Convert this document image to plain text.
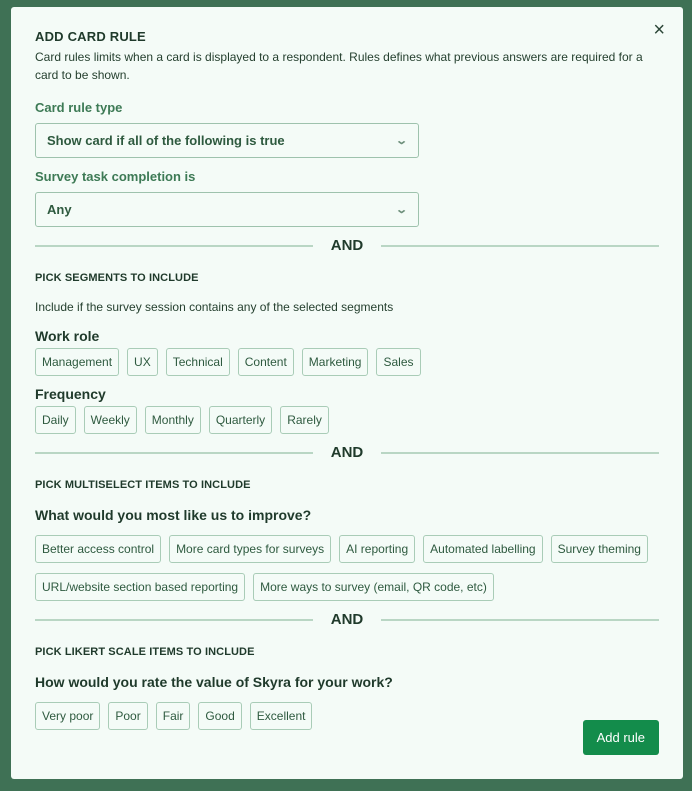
×
ADD CARD RULE
Card rules limits when a card is displayed to a respondent. Rules defines what previous answers are required for a card to be shown.
Card rule type
Show card if all of the following is true	⌄
Survey task completion is
Any	⌄
AND
PICK SEGMENTS TO INCLUDE
Include if the survey session contains any of the selected segments
Work role
Management	UX	Technical	Content	Marketing	Sales
Frequency
Daily	Weekly	Monthly	Quarterly	Rarely
AND
PICK MULTISELECT ITEMS TO INCLUDE
What would you most like us to improve?
Better access control	More card types for surveys	AI reporting	Automated labelling	Survey theming
URL/website section based reporting	More ways to survey (email, QR code, etc)
AND
PICK LIKERT SCALE ITEMS TO INCLUDE
How would you rate the value of Skyra for your work?
Very poor	Poor	Fair	Good	Excellent
Add rule
